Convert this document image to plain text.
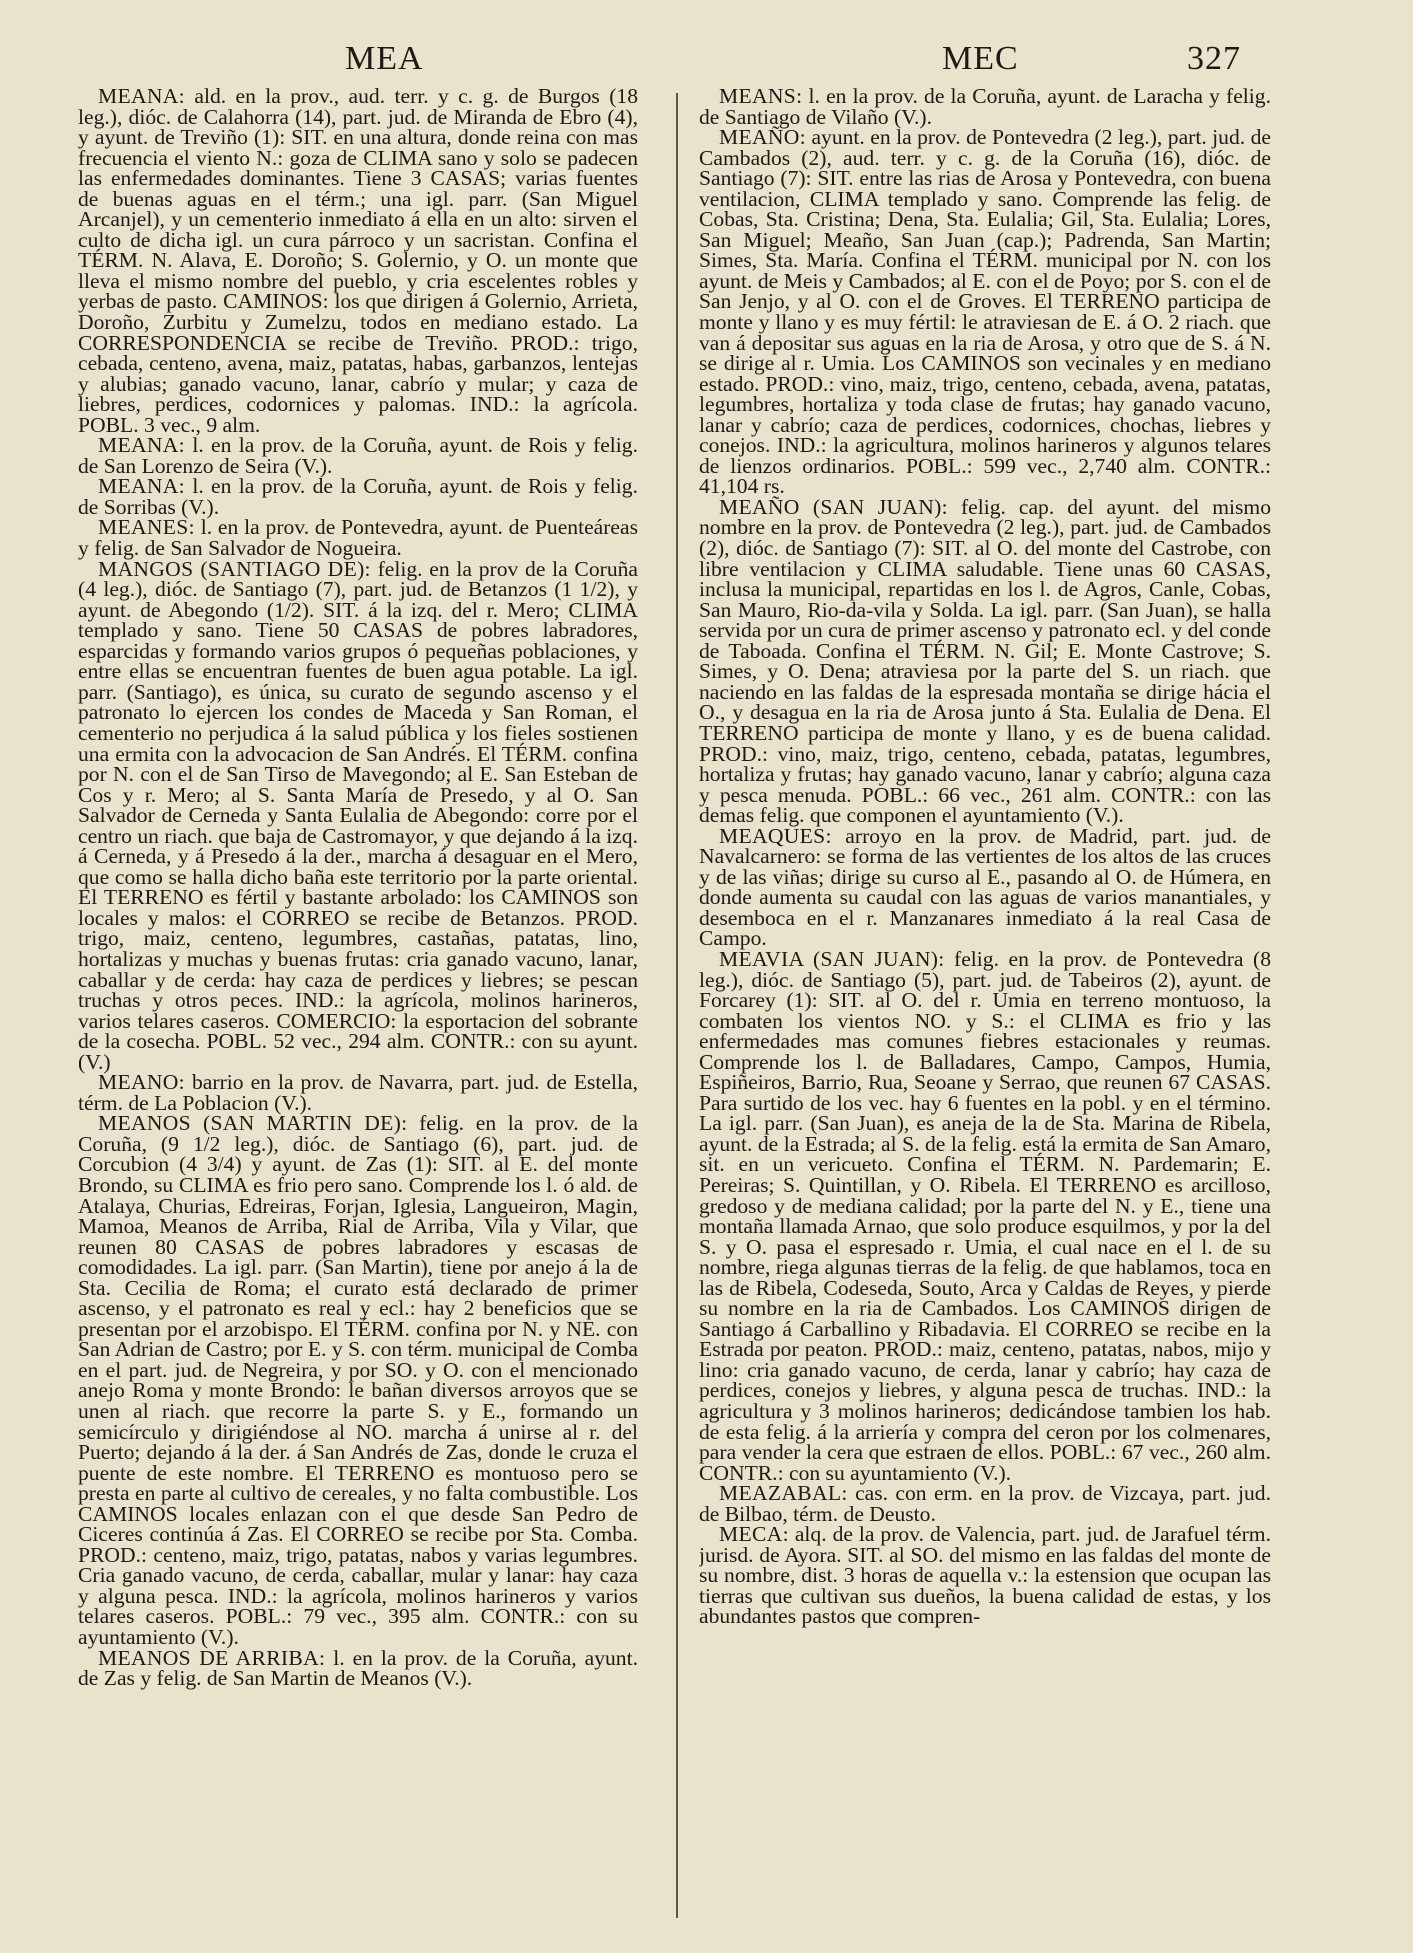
MEA	MEC	327

MEANA: ald. en la prov., aud. terr. y c. g. de Burgos (18 leg.), dióc. de Calahorra (14), part. jud. de Miranda de Ebro (4), y ayunt. de Treviño (1): SIT. en una altura, donde reina con mas frecuencia el viento N.: goza de CLIMA sano y solo se padecen las enfermedades dominantes. Tiene 3 CASAS; varias fuentes de buenas aguas en el térm.; una igl. parr. (San Miguel Arcanjel), y un cementerio inmediato á ella en un alto: sirven el culto de dicha igl. un cura párroco y un sacristan. Confina el TÉRM. N. Alava, E. Doroño; S. Golernio, y O. un monte que lleva el mismo nombre del pueblo, y cria escelentes robles y yerbas de pasto. CAMINOS: los que dirigen á Golernio, Arrieta, Doroño, Zurbitu y Zumelzu, todos en mediano estado. La CORRESPONDENCIA se recibe de Treviño. PROD.: trigo, cebada, centeno, avena, maiz, patatas, habas, garbanzos, lentejas y alubias; ganado vacuno, lanar, cabrío y mular; y caza de liebres, perdices, codornices y palomas. IND.: la agrícola. POBL. 3 vec., 9 alm.

MEANA: l. en la prov. de la Coruña, ayunt. de Rois y felig. de San Lorenzo de Seira (V.).

MEANA: l. en la prov. de la Coruña, ayunt. de Rois y felig. de Sorribas (V.).

MEANES: l. en la prov. de Pontevedra, ayunt. de Puenteáreas y felig. de San Salvador de Nogueira.

MANGOS (SANTIAGO DE): felig. en la prov de la Coruña (4 leg.), dióc. de Santiago (7), part. jud. de Betanzos (1 1/2), y ayunt. de Abegondo (1/2). SIT. á la izq. del r. Mero; CLIMA templado y sano. Tiene 50 CASAS de pobres labradores, esparcidas y formando varios grupos ó pequeñas poblaciones, y entre ellas se encuentran fuentes de buen agua potable. La igl. parr. (Santiago), es única, su curato de segundo ascenso y el patronato lo ejercen los condes de Maceda y San Roman, el cementerio no perjudica á la salud pública y los fieles sostienen una ermita con la advocacion de San Andrés. El TÉRM. confina por N. con el de San Tirso de Mavegondo; al E. San Esteban de Cos y r. Mero; al S. Santa María de Presedo, y al O. San Salvador de Cerneda y Santa Eulalia de Abegondo: corre por el centro un riach. que baja de Castromayor, y que dejando á la izq. á Cerneda, y á Presedo á la der., marcha á desaguar en el Mero, que como se halla dicho baña este territorio por la parte oriental. El TERRENO es fértil y bastante arbolado: los CAMINOS son locales y malos: el CORREO se recibe de Betanzos. PROD. trigo, maiz, centeno, legumbres, castañas, patatas, lino, hortalizas y muchas y buenas frutas: cria ganado vacuno, lanar, caballar y de cerda: hay caza de perdices y liebres; se pescan truchas y otros peces. IND.: la agrícola, molinos harineros, varios telares caseros. COMERCIO: la esportacion del sobrante de la cosecha. POBL. 52 vec., 294 alm. CONTR.: con su ayunt. (V.)

MEANO: barrio en la prov. de Navarra, part. jud. de Estella, térm. de La Poblacion (V.).

MEANOS (SAN MARTIN DE): felig. en la prov. de la Coruña, (9 1/2 leg.), dióc. de Santiago (6), part. jud. de Corcubion (4 3/4) y ayunt. de Zas (1): SIT. al E. del monte Brondo, su CLIMA es frio pero sano. Comprende los l. ó ald. de Atalaya, Churias, Edreiras, Forjan, Iglesia, Langueiron, Magin, Mamoa, Meanos de Arriba, Rial de Arriba, Vila y Vilar, que reunen 80 CASAS de pobres labradores y escasas de comodidades. La igl. parr. (San Martin), tiene por anejo á la de Sta. Cecilia de Roma; el curato está declarado de primer ascenso, y el patronato es real y ecl.: hay 2 beneficios que se presentan por el arzobispo. El TÉRM. confina por N. y NE. con San Adrian de Castro; por E. y S. con térm. municipal de Comba en el part. jud. de Negreira, y por SO. y O. con el mencionado anejo Roma y monte Brondo: le bañan diversos arroyos que se unen al riach. que recorre la parte S. y E., formando un semicírculo y dirigiéndose al NO. marcha á unirse al r. del Puerto; dejando á la der. á San Andrés de Zas, donde le cruza el puente de este nombre. El TERRENO es montuoso pero se presta en parte al cultivo de cereales, y no falta combustible. Los CAMINOS locales enlazan con el que desde San Pedro de Ciceres continúa á Zas. El CORREO se recibe por Sta. Comba. PROD.: centeno, maiz, trigo, patatas, nabos y varias legumbres. Cria ganado vacuno, de cerda, caballar, mular y lanar: hay caza y alguna pesca. IND.: la agrícola, molinos harineros y varios telares caseros. POBL.: 79 vec., 395 alm. CONTR.: con su ayuntamiento (V.).

MEANOS DE ARRIBA: l. en la prov. de la Coruña, ayunt. de Zas y felig. de San Martin de Meanos (V.).

MEANS: l. en la prov. de la Coruña, ayunt. de Laracha y felig. de Santiago de Vilaño (V.).

MEAÑO: ayunt. en la prov. de Pontevedra (2 leg.), part. jud. de Cambados (2), aud. terr. y c. g. de la Coruña (16), dióc. de Santiago (7): SIT. entre las rias de Arosa y Pontevedra, con buena ventilacion, CLIMA templado y sano. Comprende las felig. de Cobas, Sta. Cristina; Dena, Sta. Eulalia; Gil, Sta. Eulalia; Lores, San Miguel; Meaño, San Juan (cap.); Padrenda, San Martin; Simes, Sta. María. Confina el TÉRM. municipal por N. con los ayunt. de Meis y Cambados; al E. con el de Poyo; por S. con el de San Jenjo, y al O. con el de Groves. El TERRENO participa de monte y llano y es muy fértil: le atraviesan de E. á O. 2 riach. que van á depositar sus aguas en la ria de Arosa, y otro que de S. á N. se dirige al r. Umia. Los CAMINOS son vecinales y en mediano estado. PROD.: vino, maiz, trigo, centeno, cebada, avena, patatas, legumbres, hortaliza y toda clase de frutas; hay ganado vacuno, lanar y cabrío; caza de perdices, codornices, chochas, liebres y conejos. IND.: la agricultura, molinos harineros y algunos telares de lienzos ordinarios. POBL.: 599 vec., 2,740 alm. CONTR.: 41,104 rs.

MEAÑO (SAN JUAN): felig. cap. del ayunt. del mismo nombre en la prov. de Pontevedra (2 leg.), part. jud. de Cambados (2), dióc. de Santiago (7): SIT. al O. del monte del Castrobe, con libre ventilacion y CLIMA saludable. Tiene unas 60 CASAS, inclusa la municipal, repartidas en los l. de Agros, Canle, Cobas, San Mauro, Rio-da-vila y Solda. La igl. parr. (San Juan), se halla servida por un cura de primer ascenso y patronato ecl. y del conde de Taboada. Confina el TÉRM. N. Gil; E. Monte Castrove; S. Simes, y O. Dena; atraviesa por la parte del S. un riach. que naciendo en las faldas de la espresada montaña se dirige hácia el O., y desagua en la ria de Arosa junto á Sta. Eulalia de Dena. El TERRENO participa de monte y llano, y es de buena calidad. PROD.: vino, maiz, trigo, centeno, cebada, patatas, legumbres, hortaliza y frutas; hay ganado vacuno, lanar y cabrío; alguna caza y pesca menuda. POBL.: 66 vec., 261 alm. CONTR.: con las demas felig. que componen el ayuntamiento (V.).

MEAQUES: arroyo en la prov. de Madrid, part. jud. de Navalcarnero: se forma de las vertientes de los altos de las cruces y de las viñas; dirige su curso al E., pasando al O. de Húmera, en donde aumenta su caudal con las aguas de varios manantiales, y desemboca en el r. Manzanares inmediato á la real Casa de Campo.

MEAVIA (SAN JUAN): felig. en la prov. de Pontevedra (8 leg.), dióc. de Santiago (5), part. jud. de Tabeiros (2), ayunt. de Forcarey (1): SIT. al O. del r. Umia en terreno montuoso, la combaten los vientos NO. y S.: el CLIMA es frio y las enfermedades mas comunes fiebres estacionales y reumas. Comprende los l. de Balladares, Campo, Campos, Humia, Espiñeiros, Barrio, Rua, Seoane y Serrao, que reunen 67 CASAS. Para surtido de los vec. hay 6 fuentes en la pobl. y en el término. La igl. parr. (San Juan), es aneja de la de Sta. Marina de Ribela, ayunt. de la Estrada; al S. de la felig. está la ermita de San Amaro, sit. en un vericueto. Confina el TÉRM. N. Pardemarin; E. Pereiras; S. Quintillan, y O. Ribela. El TERRENO es arcilloso, gredoso y de mediana calidad; por la parte del N. y E., tiene una montaña llamada Arnao, que solo produce esquilmos, y por la del S. y O. pasa el espresado r. Umia, el cual nace en el l. de su nombre, riega algunas tierras de la felig. de que hablamos, toca en las de Ribela, Codeseda, Souto, Arca y Caldas de Reyes, y pierde su nombre en la ria de Cambados. Los CAMINOS dirigen de Santiago á Carballino y Ribadavia. El CORREO se recibe en la Estrada por peaton. PROD.: maiz, centeno, patatas, nabos, mijo y lino: cria ganado vacuno, de cerda, lanar y cabrío; hay caza de perdices, conejos y liebres, y alguna pesca de truchas. IND.: la agricultura y 3 molinos harineros; dedicándose tambien los hab. de esta felig. á la arriería y compra del ceron por los colmenares, para vender la cera que estraen de ellos. POBL.: 67 vec., 260 alm. CONTR.: con su ayuntamiento (V.).

MEAZABAL: cas. con erm. en la prov. de Vizcaya, part. jud. de Bilbao, térm. de Deusto.

MECA: alq. de la prov. de Valencia, part. jud. de Jarafuel térm. jurisd. de Ayora. SIT. al SO. del mismo en las faldas del monte de su nombre, dist. 3 horas de aquella v.: la estension que ocupan las tierras que cultivan sus dueños, la buena calidad de estas, y los abundantes pastos que compren-
